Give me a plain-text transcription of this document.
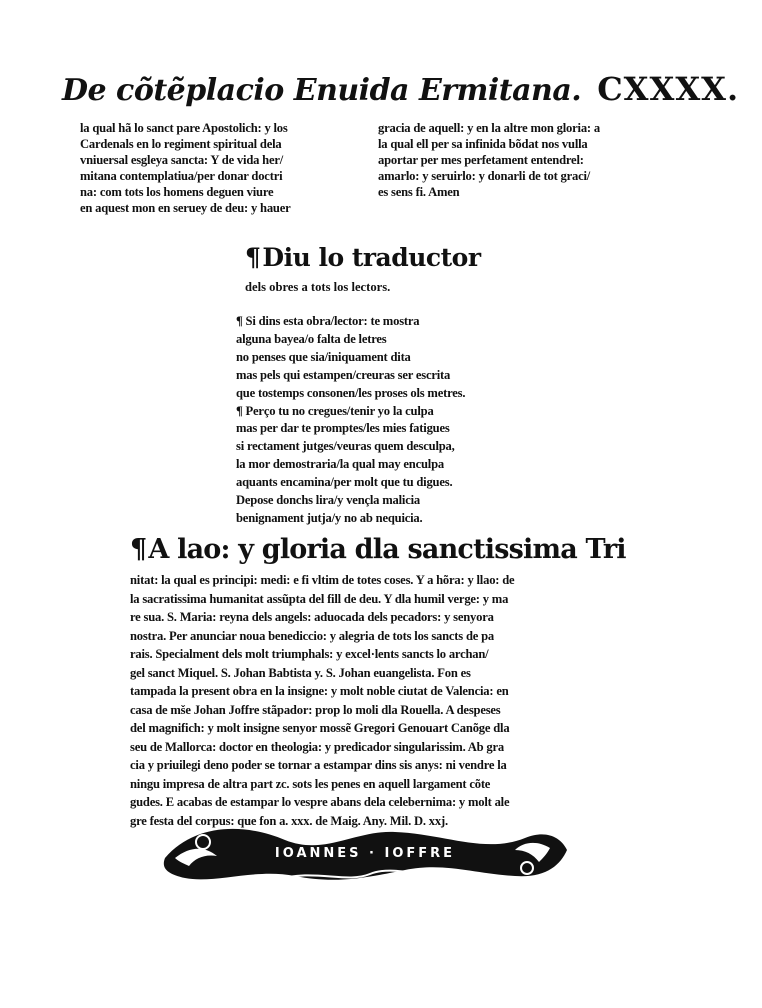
De cõtẽplacio Enuida Ermitana. CXXXX.
la qual hã lo sanct pare Apostolich: y los
Cardenals en lo regiment spiritual dela
vniuersal esgleya sancta: Y de vida her/
mitana contemplatiua/per donar doctri
na: com tots los homens deguen viure
en aquest mon en seruey de deu: y hauer
gracia de aquell: y en la altre mon gloria: a
la qual ell per sa infinida bõdat nos vulla
aportar per mes perfetament entendrel:
amarlo: y seruirlo: y donarli de tot graci/
es sens fi. Amen
¶Diu lo traductor
dels obres a tots los lectors.
¶ Si dins esta obra/lector: te mostra
alguna bayea/o falta de letres
no penses que sia/iniquament dita
mas pels qui estampen/creuras ser escrita
que tostemps consonen/les proses ols metres.
¶ Perço tu no cregues/tenir yo la culpa
mas per dar te promptes/les mies fatigues
si rectament jutges/veuras quem desculpa,
la mor demostraria/la qual may enculpa
aquants encamina/per molt que tu digues.
Depose donchs lira/y vençla malicia
benignament jutja/y no ab nequicia.
¶A lao: y gloria dla sanctissima Tri
nitat: la qual es principi: medi: e fi vltim de totes coses. Y a hõra: y llao: de
la sacratissima humanitat assũpta del fill de deu. Y dla humil verge: y ma
re sua. S. Maria: reyna dels angels: aduocada dels pecadors: y senyora
nostra. Per anunciar noua benediccio: y alegria de tots los sancts de pa
rais. Specialment dels molt triumphals: y excel·lents sancts lo archan/
gel sanct Miquel. S. Johan Babtista y. S. Johan euangelista. Fon es
tampada la present obra en la insigne: y molt noble ciutat de Valencia: en
casa de mše Johan Joffre stãpador: prop lo moli dla Rouella. A despeses
del magnifich: y molt insigne senyor mossẽ Gregori Genouart Canõge dla
seu de Mallorca: doctor en theologia: y predicador singularissim. Ab gra
cia y priuilegi deno poder se tornar a estampar dins sis anys: ni vendre la
ningu impresa de altra part zc. sots les penes en aquell largament cõte
gudes. E acabas de estampar lo vespre abans dela celebernima: y molt ale
gre festa del corpus: que fon a. xxx. de Maig. Any. Mil. D. xxj.
IOANNES · IOFFRE
